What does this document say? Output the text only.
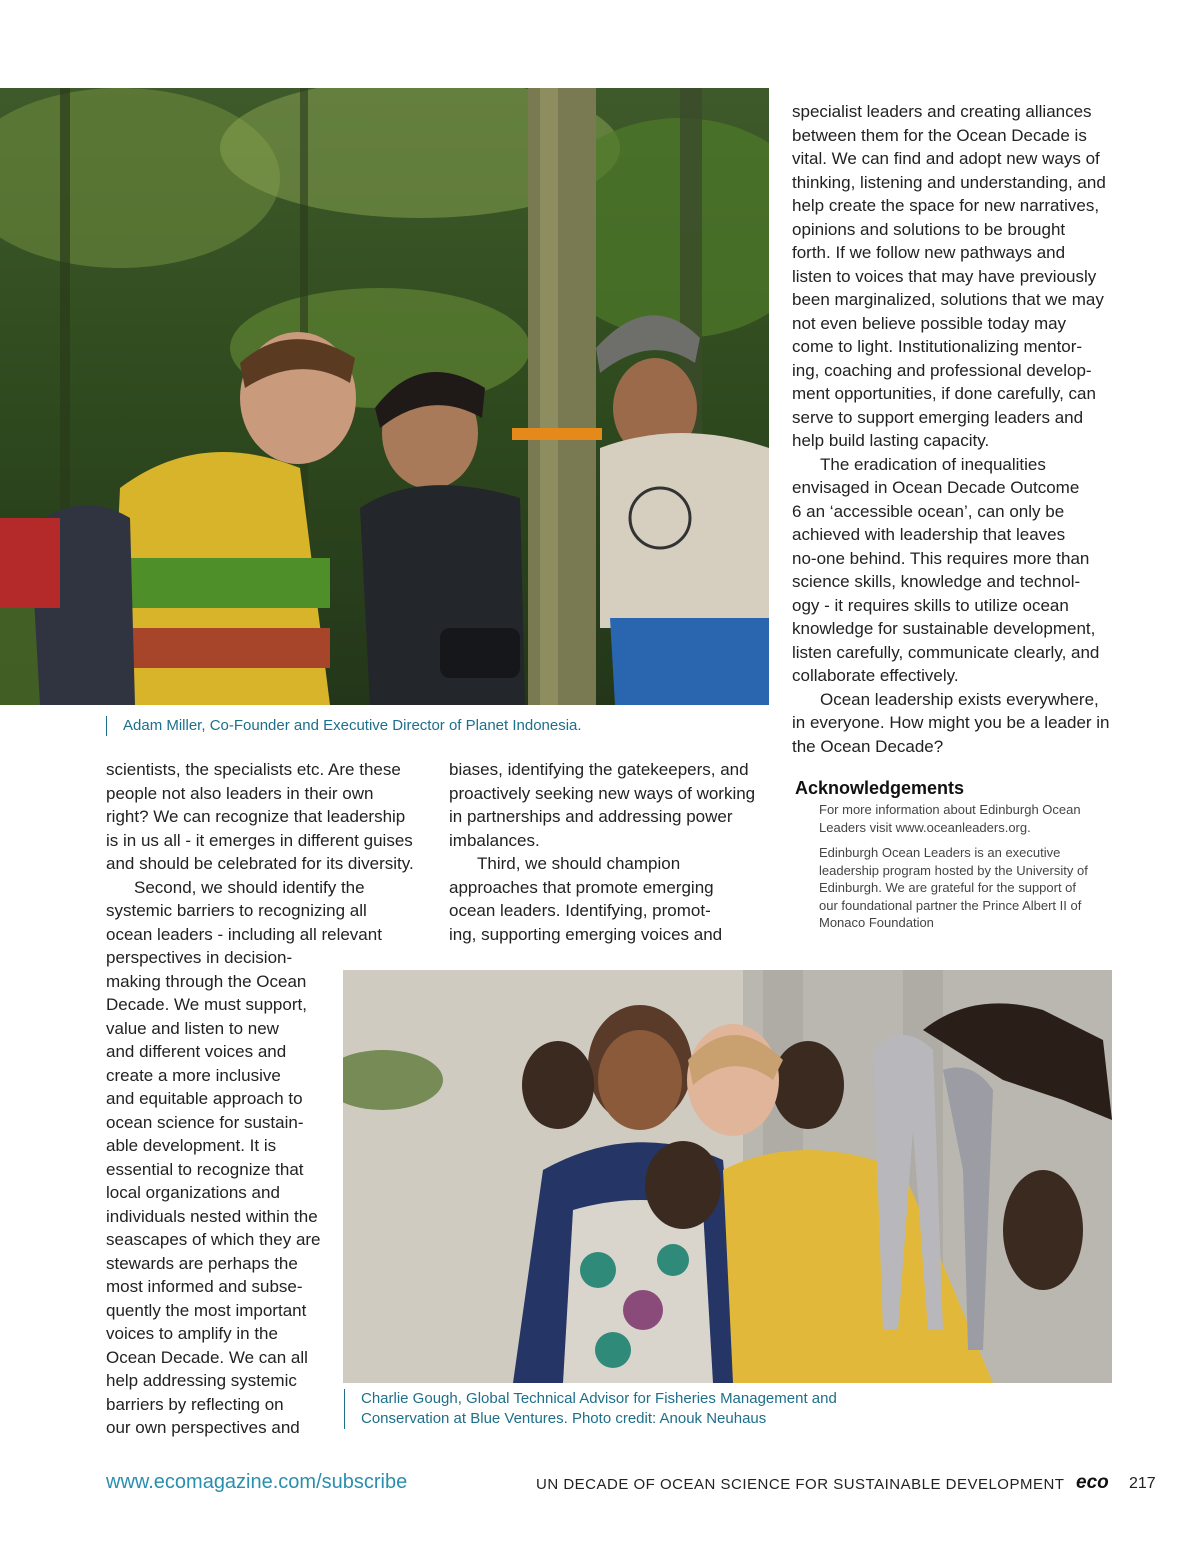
Adam Miller, Co-Founder and Executive Director of Planet Indonesia.

specialist leaders and creating alliances
between them for the Ocean Decade is
vital. We can find and adopt new ways of
thinking, listening and understanding, and
help create the space for new narratives,
opinions and solutions to be brought
forth. If we follow new pathways and
listen to voices that may have previously
been marginalized, solutions that we may
not even believe possible today may
come to light. Institutionalizing mentor-
ing, coaching and professional develop-
ment opportunities, if done carefully, can
serve to support emerging leaders and
help build lasting capacity.

The eradication of inequalities
envisaged in Ocean Decade Outcome
6 an ‘accessible ocean’, can only be
achieved with leadership that leaves
no-one behind. This requires more than
science skills, knowledge and technol-
ogy - it requires skills to utilize ocean
knowledge for sustainable development,
listen carefully, communicate clearly, and
collaborate effectively.

Ocean leadership exists everywhere,
in everyone. How might you be a leader in
the Ocean Decade?

Acknowledgements

For more information about Edinburgh Ocean
Leaders visit www.oceanleaders.org.

Edinburgh Ocean Leaders is an executive
leadership program hosted by the University of
Edinburgh. We are grateful for the support of
our foundational partner the Prince Albert II of
Monaco Foundation

scientists, the specialists etc. Are these
people not also leaders in their own
right? We can recognize that leadership
is in us all - it emerges in different guises
and should be celebrated for its diversity.

Second, we should identify the
systemic barriers to recognizing all
ocean leaders - including all relevant
perspectives in decision-
making through the Ocean
Decade. We must support,
value and listen to new
and different voices and
create a more inclusive
and equitable approach to
ocean science for sustain-
able development. It is
essential to recognize that
local organizations and
individuals nested within the
seascapes of which they are
stewards are perhaps the
most informed and subse-
quently the most important
voices to amplify in the
Ocean Decade. We can all
help addressing systemic
barriers by reflecting on
our own perspectives and

biases, identifying the gatekeepers, and
proactively seeking new ways of working
in partnerships and addressing power
imbalances.

Third, we should champion
approaches that promote emerging
ocean leaders. Identifying, promot-
ing, supporting emerging voices and

Charlie Gough, Global Technical Advisor for Fisheries Management and
Conservation at Blue Ventures. Photo credit: Anouk Neuhaus
www.ecomagazine.com/subscribe	UN DECADE OF OCEAN SCIENCE FOR SUSTAINABLE DEVELOPMENT eco 217
